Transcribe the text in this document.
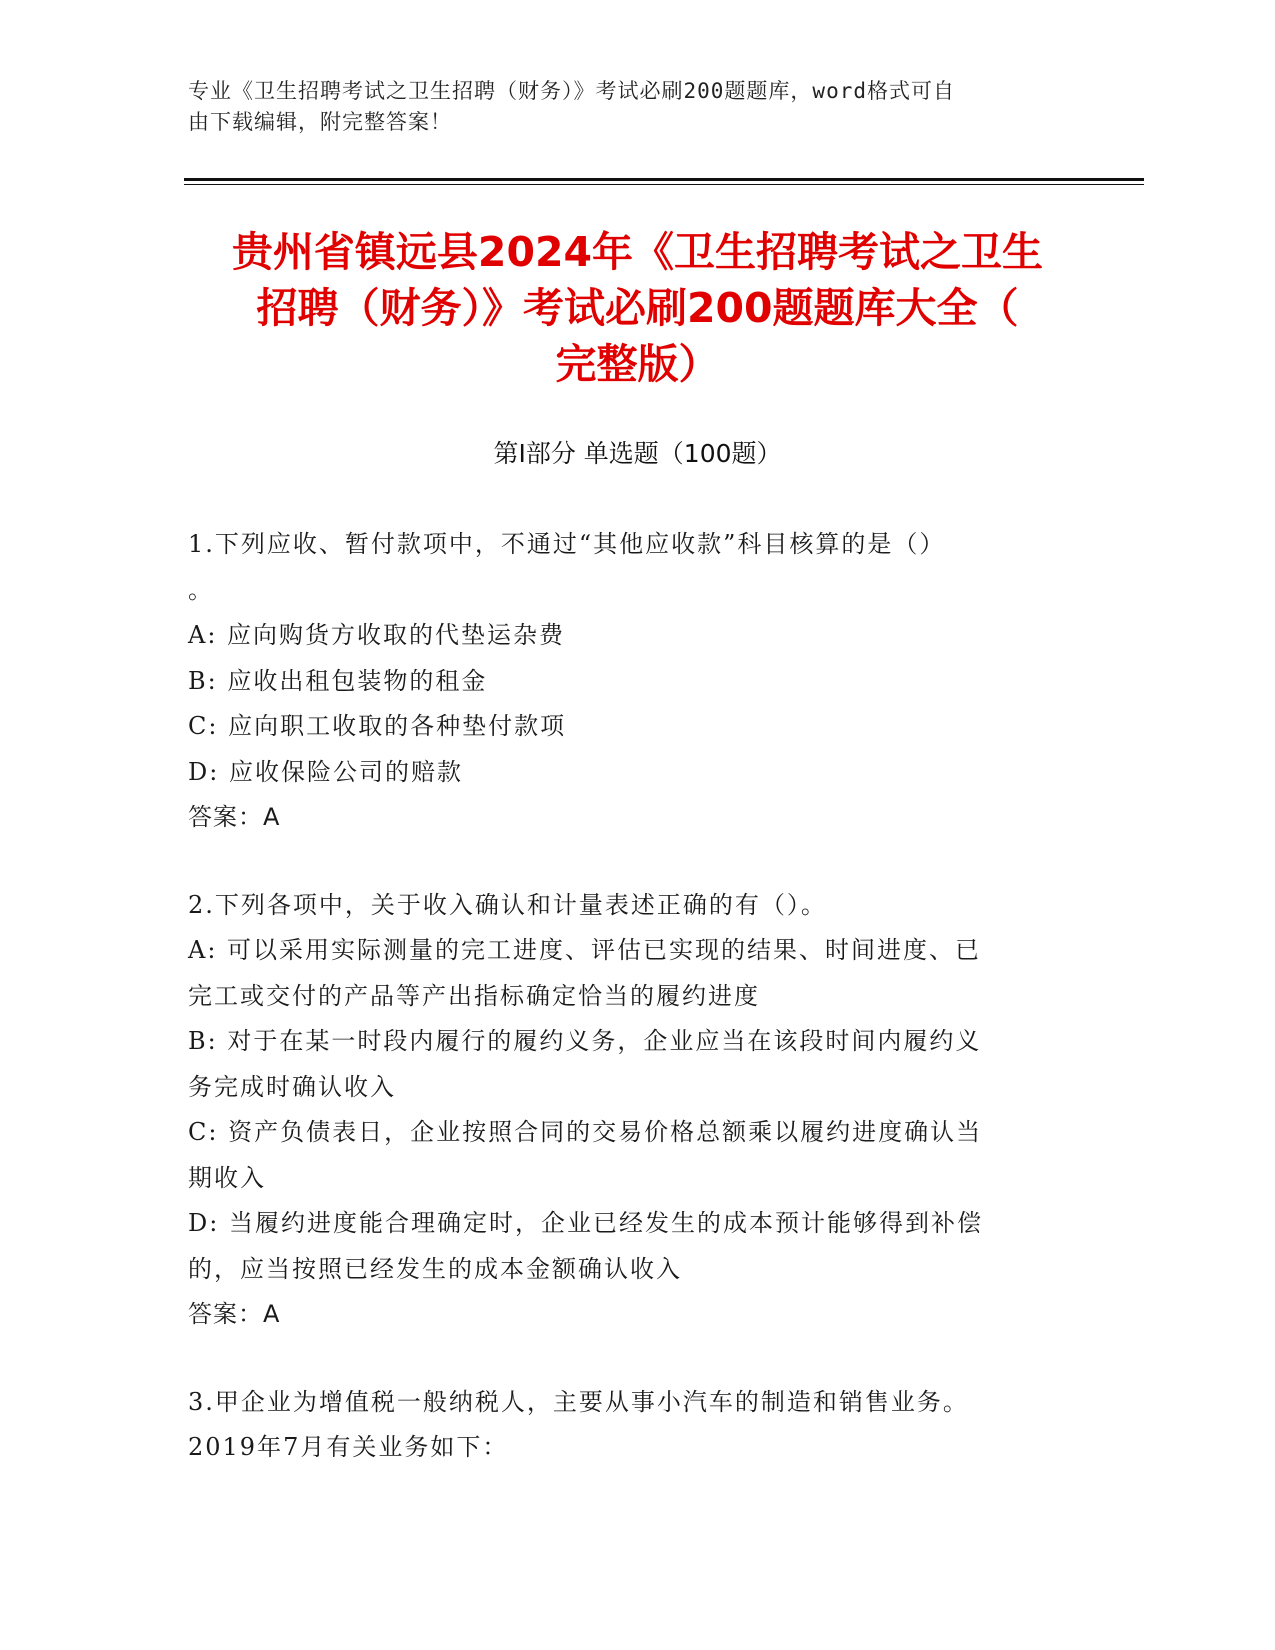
专业《卫生招聘考试之卫生招聘（财务）》考试必刷200题题库，word格式可自
由下载编辑，附完整答案！
贵州省镇远县2024年《卫生招聘考试之卫生
招聘（财务）》考试必刷200题题库大全（
完整版）
第Ⅰ部分 单选题（100题）
1.下列应收、暂付款项中，不通过“其他应收款”科目核算的是（）
。
A: 应向购货方收取的代垫运杂费
B: 应收出租包装物的租金
C: 应向职工收取的各种垫付款项
D: 应收保险公司的赔款
答案：A
2.下列各项中，关于收入确认和计量表述正确的有（）。
A: 可以采用实际测量的完工进度、评估已实现的结果、时间进度、已
完工或交付的产品等产出指标确定恰当的履约进度
B: 对于在某一时段内履行的履约义务，企业应当在该段时间内履约义
务完成时确认收入
C: 资产负债表日，企业按照合同的交易价格总额乘以履约进度确认当
期收入
D: 当履约进度能合理确定时，企业已经发生的成本预计能够得到补偿
的，应当按照已经发生的成本金额确认收入
答案：A
3.甲企业为增值税一般纳税人，主要从事小汽车的制造和销售业务。
2019年7月有关业务如下：
